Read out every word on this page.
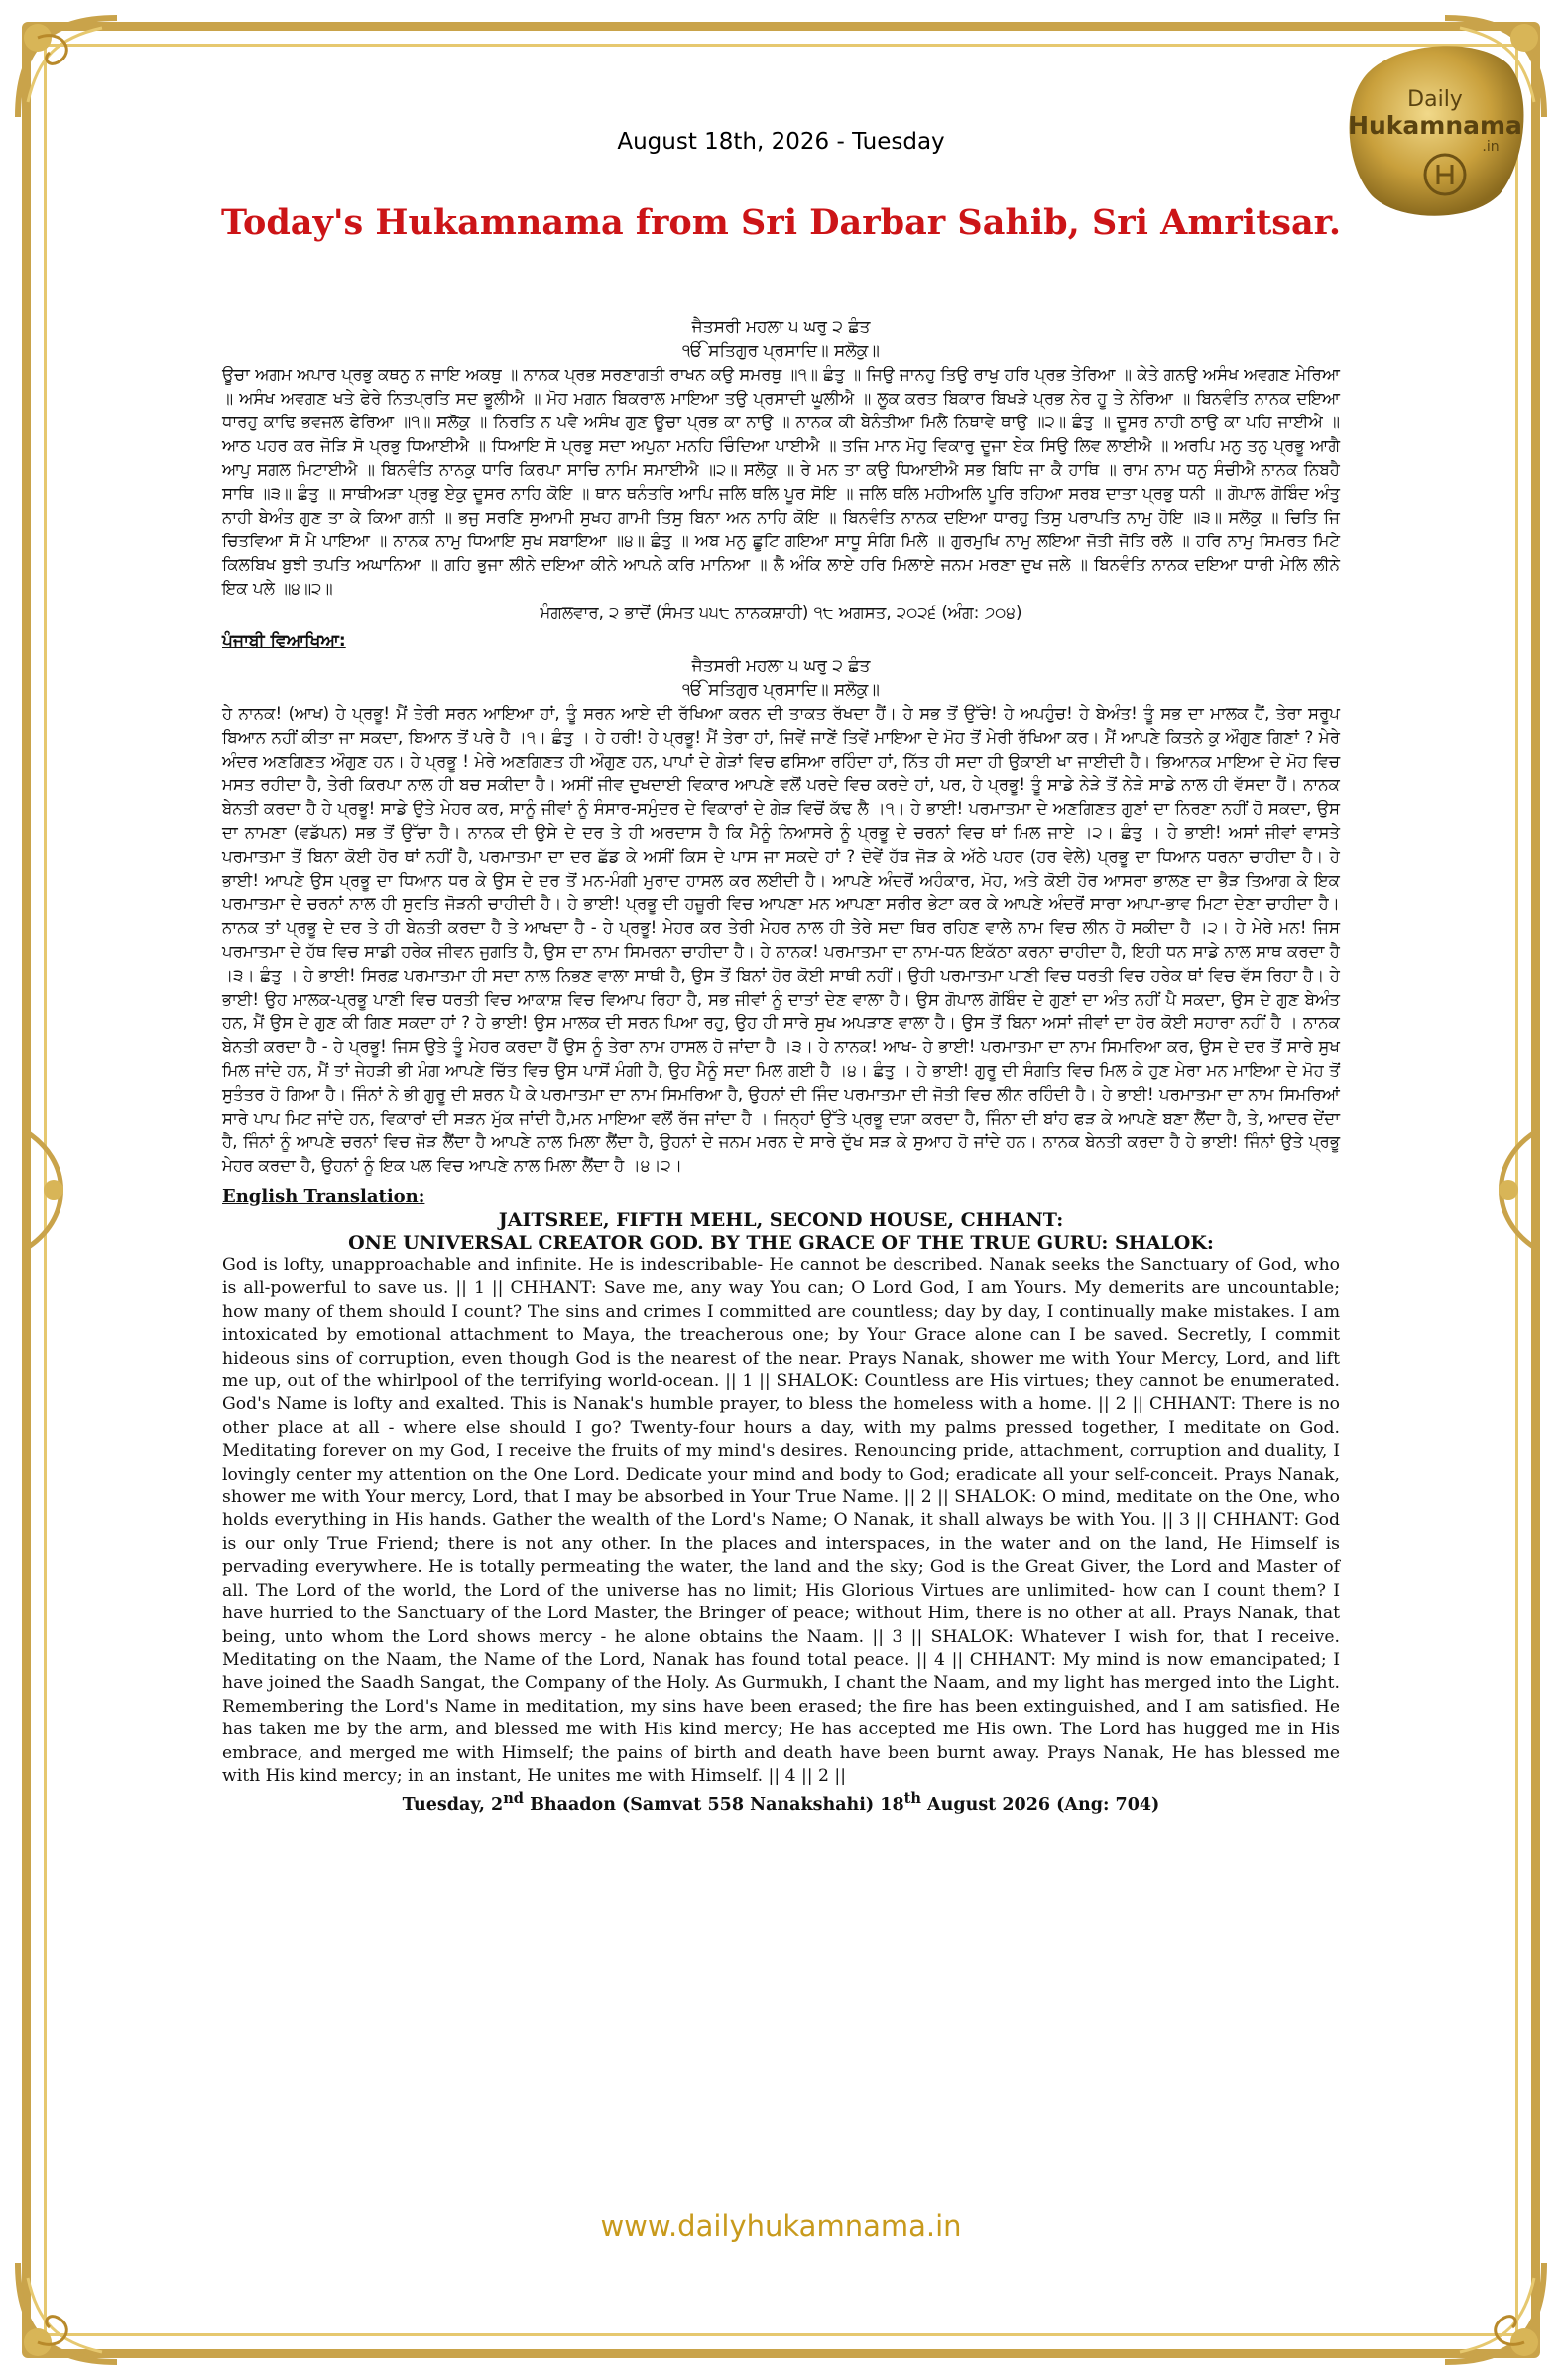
Daily
Hukamnama
.in
August 18th, 2026 - Tuesday
Today's Hukamnama from Sri Darbar Sahib, Sri Amritsar.

ਜੈਤਸਰੀ ਮਹਲਾ ੫ ਘਰੁ ੨ ਛੰਤ

ੴ ਸਤਿਗੁਰ ਪ੍ਰਸਾਦਿ॥ ਸਲੋਕੁ॥

ਊਚਾ ਅਗਮ ਅਪਾਰ ਪ੍ਰਭੁ ਕਥਨੁ ਨ ਜਾਇ ਅਕਥੁ ॥ ਨਾਨਕ ਪ੍ਰਭ ਸਰਣਾਗਤੀ ਰਾਖਨ ਕਉ ਸਮਰਥੁ ॥੧॥ ਛੰਤੁ ॥ ਜਿਉ ਜਾਨਹੁ ਤਿਉ ਰਾਖੁ ਹਰਿ ਪ੍ਰਭ ਤੇਰਿਆ ॥ ਕੇਤੇ ਗਨਉ ਅਸੰਖ ਅਵਗਣ ਮੇਰਿਆ ॥ ਅਸੰਖ ਅਵਗਣ ਖਤੇ ਫੇਰੇ ਨਿਤਪ੍ਰਤਿ ਸਦ ਭੂਲੀਐ ॥ ਮੋਹ ਮਗਨ ਬਿਕਰਾਲ ਮਾਇਆ ਤਉ ਪ੍ਰਸਾਦੀ ਘੂਲੀਐ ॥ ਲੂਕ ਕਰਤ ਬਿਕਾਰ ਬਿਖੜੇ ਪ੍ਰਭ ਨੇਰ ਹੂ ਤੇ ਨੇਰਿਆ ॥ ਬਿਨਵੰਤਿ ਨਾਨਕ ਦਇਆ ਧਾਰਹੁ ਕਾਢਿ ਭਵਜਲ ਫੇਰਿਆ ॥੧॥ ਸਲੋਕੁ ॥ ਨਿਰਤਿ ਨ ਪਵੈ ਅਸੰਖ ਗੁਣ ਊਚਾ ਪ੍ਰਭ ਕਾ ਨਾਉ ॥ ਨਾਨਕ ਕੀ ਬੇਨੰਤੀਆ ਮਿਲੈ ਨਿਥਾਵੇ ਥਾਉ ॥੨॥ ਛੰਤੁ ॥ ਦੂਸਰ ਨਾਹੀ ਠਾਉ ਕਾ ਪਹਿ ਜਾਈਐ ॥ ਆਠ ਪਹਰ ਕਰ ਜੋੜਿ ਸੋ ਪ੍ਰਭੁ ਧਿਆਈਐ ॥ ਧਿਆਇ ਸੋ ਪ੍ਰਭੁ ਸਦਾ ਅਪੁਨਾ ਮਨਹਿ ਚਿੰਦਿਆ ਪਾਈਐ ॥ ਤਜਿ ਮਾਨ ਮੋਹੁ ਵਿਕਾਰੁ ਦੂਜਾ ਏਕ ਸਿਉ ਲਿਵ ਲਾਈਐ ॥ ਅਰਪਿ ਮਨੁ ਤਨੁ ਪ੍ਰਭੂ ਆਗੈ ਆਪੁ ਸਗਲ ਮਿਟਾਈਐ ॥ ਬਿਨਵੰਤਿ ਨਾਨਕੁ ਧਾਰਿ ਕਿਰਪਾ ਸਾਚਿ ਨਾਮਿ ਸਮਾਈਐ ॥੨॥ ਸਲੋਕੁ ॥ ਰੇ ਮਨ ਤਾ ਕਉ ਧਿਆਈਐ ਸਭ ਬਿਧਿ ਜਾ ਕੈ ਹਾਥਿ ॥ ਰਾਮ ਨਾਮ ਧਨੁ ਸੰਚੀਐ ਨਾਨਕ ਨਿਬਹੈ ਸਾਥਿ ॥੩॥ ਛੰਤੁ ॥ ਸਾਥੀਅੜਾ ਪ੍ਰਭੁ ਏਕੁ ਦੂਸਰ ਨਾਹਿ ਕੋਇ ॥ ਥਾਨ ਥਨੰਤਰਿ ਆਪਿ ਜਲਿ ਥਲਿ ਪੂਰ ਸੋਇ ॥ ਜਲਿ ਥਲਿ ਮਹੀਅਲਿ ਪੂਰਿ ਰਹਿਆ ਸਰਬ ਦਾਤਾ ਪ੍ਰਭੁ ਧਨੀ ॥ ਗੋਪਾਲ ਗੋਬਿੰਦ ਅੰਤੁ ਨਾਹੀ ਬੇਅੰਤ ਗੁਣ ਤਾ ਕੇ ਕਿਆ ਗਨੀ ॥ ਭਜੁ ਸਰਣਿ ਸੁਆਮੀ ਸੁਖਹ ਗਾਮੀ ਤਿਸੁ ਬਿਨਾ ਅਨ ਨਾਹਿ ਕੋਇ ॥ ਬਿਨਵੰਤਿ ਨਾਨਕ ਦਇਆ ਧਾਰਹੁ ਤਿਸੁ ਪਰਾਪਤਿ ਨਾਮੁ ਹੋਇ ॥੩॥ ਸਲੋਕੁ ॥ ਚਿਤਿ ਜਿ ਚਿਤਵਿਆ ਸੋ ਮੈ ਪਾਇਆ ॥ ਨਾਨਕ ਨਾਮੁ ਧਿਆਇ ਸੁਖ ਸਬਾਇਆ ॥੪॥ ਛੰਤੁ ॥ ਅਬ ਮਨੁ ਛੂਟਿ ਗਇਆ ਸਾਧੂ ਸੰਗਿ ਮਿਲੇ ॥ ਗੁਰਮੁਖਿ ਨਾਮੁ ਲਇਆ ਜੋਤੀ ਜੋਤਿ ਰਲੇ ॥ ਹਰਿ ਨਾਮੁ ਸਿਮਰਤ ਮਿਟੇ ਕਿਲਬਿਖ ਬੁਝੀ ਤਪਤਿ ਅਘਾਨਿਆ ॥ ਗਹਿ ਭੁਜਾ ਲੀਨੇ ਦਇਆ ਕੀਨੇ ਆਪਨੇ ਕਰਿ ਮਾਨਿਆ ॥ ਲੈ ਅੰਕਿ ਲਾਏ ਹਰਿ ਮਿਲਾਏ ਜਨਮ ਮਰਣਾ ਦੁਖ ਜਲੇ ॥ ਬਿਨਵੰਤਿ ਨਾਨਕ ਦਇਆ ਧਾਰੀ ਮੇਲਿ ਲੀਨੇ ਇਕ ਪਲੇ ॥੪॥੨॥

ਮੰਗਲਵਾਰ, ੨ ਭਾਦੋਂ (ਸੰਮਤ ੫੫੮ ਨਾਨਕਸ਼ਾਹੀ) ੧੮ ਅਗਸਤ, ੨੦੨੬ (ਅੰਗ: ੭੦੪)

ਪੰਜਾਬੀ ਵਿਆਖਿਆ:

ਜੈਤਸਰੀ ਮਹਲਾ ੫ ਘਰੁ ੨ ਛੰਤ

ੴ ਸਤਿਗੁਰ ਪ੍ਰਸਾਦਿ॥ ਸਲੋਕੁ॥

ਹੇ ਨਾਨਕ! (ਆਖ) ਹੇ ਪ੍ਰਭੂ! ਮੈਂ ਤੇਰੀ ਸਰਨ ਆਇਆ ਹਾਂ, ਤੂੰ ਸਰਨ ਆਏ ਦੀ ਰੱਖਿਆ ਕਰਨ ਦੀ ਤਾਕਤ ਰੱਖਦਾ ਹੈਂ। ਹੇ ਸਭ ਤੋਂ ਉੱਚੇ! ਹੇ ਅਪਹੁੰਚ! ਹੇ ਬੇਅੰਤ! ਤੂੰ ਸਭ ਦਾ ਮਾਲਕ ਹੈਂ, ਤੇਰਾ ਸਰੂਪ ਬਿਆਨ ਨਹੀਂ ਕੀਤਾ ਜਾ ਸਕਦਾ, ਬਿਆਨ ਤੋਂ ਪਰੇ ਹੈ ।੧। ਛੰਤੁ । ਹੇ ਹਰੀ! ਹੇ ਪ੍ਰਭੂ! ਮੈਂ ਤੇਰਾ ਹਾਂ, ਜਿਵੇਂ ਜਾਣੇਂ ਤਿਵੇਂ ਮਾਇਆ ਦੇ ਮੋਹ ਤੋਂ ਮੇਰੀ ਰੱਖਿਆ ਕਰ। ਮੈਂ ਆਪਣੇ ਕਿਤਨੇ ਕੁ ਔਗੁਣ ਗਿਣਾਂ ? ਮੇਰੇ ਅੰਦਰ ਅਣਗਿਣਤ ਔਗੁਣ ਹਨ। ਹੇ ਪ੍ਰਭੂ ! ਮੇਰੇ ਅਣਗਿਣਤ ਹੀ ਔਗੁਣ ਹਨ, ਪਾਪਾਂ ਦੇ ਗੇੜਾਂ ਵਿਚ ਫਸਿਆ ਰਹਿੰਦਾ ਹਾਂ, ਨਿੱਤ ਹੀ ਸਦਾ ਹੀ ਉਕਾਈ ਖਾ ਜਾਈਦੀ ਹੈ। ਭਿਆਨਕ ਮਾਇਆ ਦੇ ਮੋਹ ਵਿਚ ਮਸਤ ਰਹੀਦਾ ਹੈ, ਤੇਰੀ ਕਿਰਪਾ ਨਾਲ ਹੀ ਬਚ ਸਕੀਦਾ ਹੈ। ਅਸੀਂ ਜੀਵ ਦੁਖਦਾਈ ਵਿਕਾਰ ਆਪਣੇ ਵਲੋਂ ਪਰਦੇ ਵਿਚ ਕਰਦੇ ਹਾਂ, ਪਰ, ਹੇ ਪ੍ਰਭੂ! ਤੂੰ ਸਾਡੇ ਨੇੜੇ ਤੋਂ ਨੇੜੇ ਸਾਡੇ ਨਾਲ ਹੀ ਵੱਸਦਾ ਹੈਂ। ਨਾਨਕ ਬੇਨਤੀ ਕਰਦਾ ਹੈ ਹੇ ਪ੍ਰਭੂ! ਸਾਡੇ ਉਤੇ ਮੇਹਰ ਕਰ, ਸਾਨੂੰ ਜੀਵਾਂ ਨੂੰ ਸੰਸਾਰ-ਸਮੁੰਦਰ ਦੇ ਵਿਕਾਰਾਂ ਦੇ ਗੇੜ ਵਿਚੋਂ ਕੱਢ ਲੈ ।੧। ਹੇ ਭਾਈ! ਪਰਮਾਤਮਾ ਦੇ ਅਣਗਿਣਤ ਗੁਣਾਂ ਦਾ ਨਿਰਣਾ ਨਹੀਂ ਹੋ ਸਕਦਾ, ਉਸ ਦਾ ਨਾਮਣਾ (ਵਡੱਪਨ) ਸਭ ਤੋਂ ਉੱਚਾ ਹੈ। ਨਾਨਕ ਦੀ ਉਸੇ ਦੇ ਦਰ ਤੇ ਹੀ ਅਰਦਾਸ ਹੈ ਕਿ ਮੈਨੂੰ ਨਿਆਸਰੇ ਨੂੰ ਪ੍ਰਭੂ ਦੇ ਚਰਨਾਂ ਵਿਚ ਥਾਂ ਮਿਲ ਜਾਏ ।੨। ਛੰਤੁ । ਹੇ ਭਾਈ! ਅਸਾਂ ਜੀਵਾਂ ਵਾਸਤੇ ਪਰਮਾਤਮਾ ਤੋਂ ਬਿਨਾ ਕੋਈ ਹੋਰ ਥਾਂ ਨਹੀਂ ਹੈ, ਪਰਮਾਤਮਾ ਦਾ ਦਰ ਛੱਡ ਕੇ ਅਸੀਂ ਕਿਸ ਦੇ ਪਾਸ ਜਾ ਸਕਦੇ ਹਾਂ ? ਦੋਵੇਂ ਹੱਥ ਜੋੜ ਕੇ ਅੱਠੇ ਪਹਰ (ਹਰ ਵੇਲੇ) ਪ੍ਰਭੂ ਦਾ ਧਿਆਨ ਧਰਨਾ ਚਾਹੀਦਾ ਹੈ। ਹੇ ਭਾਈ! ਆਪਣੇ ਉਸ ਪ੍ਰਭੂ ਦਾ ਧਿਆਨ ਧਰ ਕੇ ਉਸ ਦੇ ਦਰ ਤੋਂ ਮਨ-ਮੰਗੀ ਮੁਰਾਦ ਹਾਸਲ ਕਰ ਲਈਦੀ ਹੈ। ਆਪਣੇ ਅੰਦਰੋਂ ਅਹੰਕਾਰ, ਮੋਹ, ਅਤੇ ਕੋਈ ਹੋਰ ਆਸਰਾ ਭਾਲਣ ਦਾ ਭੈੜ ਤਿਆਗ ਕੇ ਇਕ ਪਰਮਾਤਮਾ ਦੇ ਚਰਨਾਂ ਨਾਲ ਹੀ ਸੁਰਤਿ ਜੋੜਨੀ ਚਾਹੀਦੀ ਹੈ। ਹੇ ਭਾਈ! ਪ੍ਰਭੂ ਦੀ ਹਜ਼ੂਰੀ ਵਿਚ ਆਪਣਾ ਮਨ ਆਪਣਾ ਸਰੀਰ ਭੇਟਾ ਕਰ ਕੇ ਆਪਣੇ ਅੰਦਰੋਂ ਸਾਰਾ ਆਪਾ-ਭਾਵ ਮਿਟਾ ਦੇਣਾ ਚਾਹੀਦਾ ਹੈ। ਨਾਨਕ ਤਾਂ ਪ੍ਰਭੂ ਦੇ ਦਰ ਤੇ ਹੀ ਬੇਨਤੀ ਕਰਦਾ ਹੈ ਤੇ ਆਖਦਾ ਹੈ - ਹੇ ਪ੍ਰਭੂ! ਮੇਹਰ ਕਰ ਤੇਰੀ ਮੇਹਰ ਨਾਲ ਹੀ ਤੇਰੇ ਸਦਾ ਥਿਰ ਰਹਿਣ ਵਾਲੇ ਨਾਮ ਵਿਚ ਲੀਨ ਹੋ ਸਕੀਦਾ ਹੈ ।੨। ਹੇ ਮੇਰੇ ਮਨ! ਜਿਸ ਪਰਮਾਤਮਾ ਦੇ ਹੱਥ ਵਿਚ ਸਾਡੀ ਹਰੇਕ ਜੀਵਨ ਜੁਗਤਿ ਹੈ, ਉਸ ਦਾ ਨਾਮ ਸਿਮਰਨਾ ਚਾਹੀਦਾ ਹੈ। ਹੇ ਨਾਨਕ! ਪਰਮਾਤਮਾ ਦਾ ਨਾਮ-ਧਨ ਇਕੱਠਾ ਕਰਨਾ ਚਾਹੀਦਾ ਹੈ, ਇਹੀ ਧਨ ਸਾਡੇ ਨਾਲ ਸਾਥ ਕਰਦਾ ਹੈ ।੩। ਛੰਤੁ । ਹੇ ਭਾਈ! ਸਿਰਫ਼ ਪਰਮਾਤਮਾ ਹੀ ਸਦਾ ਨਾਲ ਨਿਭਣ ਵਾਲਾ ਸਾਥੀ ਹੈ, ਉਸ ਤੋਂ ਬਿਨਾਂ ਹੋਰ ਕੋਈ ਸਾਥੀ ਨਹੀਂ। ਉਹੀ ਪਰਮਾਤਮਾ ਪਾਣੀ ਵਿਚ ਧਰਤੀ ਵਿਚ ਹਰੇਕ ਥਾਂ ਵਿਚ ਵੱਸ ਰਿਹਾ ਹੈ। ਹੇ ਭਾਈ! ਉਹ ਮਾਲਕ-ਪ੍ਰਭੂ ਪਾਣੀ ਵਿਚ ਧਰਤੀ ਵਿਚ ਆਕਾਸ਼ ਵਿਚ ਵਿਆਪ ਰਿਹਾ ਹੈ, ਸਭ ਜੀਵਾਂ ਨੂੰ ਦਾਤਾਂ ਦੇਣ ਵਾਲਾ ਹੈ। ਉਸ ਗੋਪਾਲ ਗੋਬਿੰਦ ਦੇ ਗੁਣਾਂ ਦਾ ਅੰਤ ਨਹੀਂ ਪੈ ਸਕਦਾ, ਉਸ ਦੇ ਗੁਣ ਬੇਅੰਤ ਹਨ, ਮੈਂ ਉਸ ਦੇ ਗੁਣ ਕੀ ਗਿਣ ਸਕਦਾ ਹਾਂ ? ਹੇ ਭਾਈ! ਉਸ ਮਾਲਕ ਦੀ ਸਰਨ ਪਿਆ ਰਹੁ, ਉਹ ਹੀ ਸਾਰੇ ਸੁਖ ਅਪੜਾਣ ਵਾਲਾ ਹੈ। ਉਸ ਤੋਂ ਬਿਨਾ ਅਸਾਂ ਜੀਵਾਂ ਦਾ ਹੋਰ ਕੋਈ ਸਹਾਰਾ ਨਹੀਂ ਹੈ । ਨਾਨਕ ਬੇਨਤੀ ਕਰਦਾ ਹੈ - ਹੇ ਪ੍ਰਭੂ! ਜਿਸ ਉਤੇ ਤੂੰ ਮੇਹਰ ਕਰਦਾ ਹੈਂ ਉਸ ਨੂੰ ਤੇਰਾ ਨਾਮ ਹਾਸਲ ਹੋ ਜਾਂਦਾ ਹੈ ।੩। ਹੇ ਨਾਨਕ! ਆਖ- ਹੇ ਭਾਈ! ਪਰਮਾਤਮਾ ਦਾ ਨਾਮ ਸਿਮਰਿਆ ਕਰ, ਉਸ ਦੇ ਦਰ ਤੋਂ ਸਾਰੇ ਸੁਖ ਮਿਲ ਜਾਂਦੇ ਹਨ, ਮੈਂ ਤਾਂ ਜੇਹੜੀ ਭੀ ਮੰਗ ਆਪਣੇ ਚਿੱਤ ਵਿਚ ਉਸ ਪਾਸੋਂ ਮੰਗੀ ਹੈ, ਉਹ ਮੈਨੂੰ ਸਦਾ ਮਿਲ ਗਈ ਹੈ ।੪। ਛੰਤੁ । ਹੇ ਭਾਈ! ਗੁਰੂ ਦੀ ਸੰਗਤਿ ਵਿਚ ਮਿਲ ਕੇ ਹੁਣ ਮੇਰਾ ਮਨ ਮਾਇਆ ਦੇ ਮੋਹ ਤੋਂ ਸੁਤੰਤਰ ਹੋ ਗਿਆ ਹੈ। ਜਿੰਨਾਂ ਨੇ ਭੀ ਗੁਰੂ ਦੀ ਸ਼ਰਨ ਪੈ ਕੇ ਪਰਮਾਤਮਾ ਦਾ ਨਾਮ ਸਿਮਰਿਆ ਹੈ, ਉਹਨਾਂ ਦੀ ਜਿੰਦ ਪਰਮਾਤਮਾ ਦੀ ਜੋਤੀ ਵਿਚ ਲੀਨ ਰਹਿੰਦੀ ਹੈ। ਹੇ ਭਾਈ! ਪਰਮਾਤਮਾ ਦਾ ਨਾਮ ਸਿਮਰਿਆਂ ਸਾਰੇ ਪਾਪ ਮਿਟ ਜਾਂਦੇ ਹਨ, ਵਿਕਾਰਾਂ ਦੀ ਸੜਨ ਮੁੱਕ ਜਾਂਦੀ ਹੈ,ਮਨ ਮਾਇਆ ਵਲੋਂ ਰੱਜ ਜਾਂਦਾ ਹੈ । ਜਿਨ੍ਹਾਂ ਉੱਤੇ ਪ੍ਰਭੂ ਦਯਾ ਕਰਦਾ ਹੈ, ਜਿੰਨਾ ਦੀ ਬਾਂਹ ਫੜ ਕੇ ਆਪਣੇ ਬਣਾ ਲੈਂਦਾ ਹੈ, ਤੇ, ਆਦਰ ਦੇਂਦਾ ਹੈ, ਜਿੰਨਾਂ ਨੂੰ ਆਪਣੇ ਚਰਨਾਂ ਵਿਚ ਜੋੜ ਲੈਂਦਾ ਹੈ ਆਪਣੇ ਨਾਲ ਮਿਲਾ ਲੈਂਦਾ ਹੈ, ਉਹਨਾਂ ਦੇ ਜਨਮ ਮਰਨ ਦੇ ਸਾਰੇ ਦੁੱਖ ਸੜ ਕੇ ਸੁਆਹ ਹੋ ਜਾਂਦੇ ਹਨ। ਨਾਨਕ ਬੇਨਤੀ ਕਰਦਾ ਹੈ ਹੇ ਭਾਈ! ਜਿੰਨਾਂ ਉਤੇ ਪ੍ਰਭੂ ਮੇਹਰ ਕਰਦਾ ਹੈ, ਉਹਨਾਂ ਨੂੰ ਇਕ ਪਲ ਵਿਚ ਆਪਣੇ ਨਾਲ ਮਿਲਾ ਲੈਂਦਾ ਹੈ ।੪।੨।

English Translation:

JAITSREE, FIFTH MEHL, SECOND HOUSE, CHHANT:

ONE UNIVERSAL CREATOR GOD. BY THE GRACE OF THE TRUE GURU: SHALOK:

God is lofty, unapproachable and infinite. He is indescribable- He cannot be described. Nanak seeks the Sanctuary of God, who is all-powerful to save us. || 1 || CHHANT: Save me, any way You can; O Lord God, I am Yours. My demerits are uncountable; how many of them should I count? The sins and crimes I committed are countless; day by day, I continually make mistakes. I am intoxicated by emotional attachment to Maya, the treacherous one; by Your Grace alone can I be saved. Secretly, I commit hideous sins of corruption, even though God is the nearest of the near. Prays Nanak, shower me with Your Mercy, Lord, and lift me up, out of the whirlpool of the terrifying world-ocean. || 1 || SHALOK: Countless are His virtues; they cannot be enumerated. God's Name is lofty and exalted. This is Nanak's humble prayer, to bless the homeless with a home. || 2 || CHHANT: There is no other place at all - where else should I go? Twenty-four hours a day, with my palms pressed together, I meditate on God. Meditating forever on my God, I receive the fruits of my mind's desires. Renouncing pride, attachment, corruption and duality, I lovingly center my attention on the One Lord. Dedicate your mind and body to God; eradicate all your self-conceit. Prays Nanak, shower me with Your mercy, Lord, that I may be absorbed in Your True Name. || 2 || SHALOK: O mind, meditate on the One, who holds everything in His hands. Gather the wealth of the Lord's Name; O Nanak, it shall always be with You. || 3 || CHHANT: God is our only True Friend; there is not any other. In the places and interspaces, in the water and on the land, He Himself is pervading everywhere. He is totally permeating the water, the land and the sky; God is the Great Giver, the Lord and Master of all. The Lord of the world, the Lord of the universe has no limit; His Glorious Virtues are unlimited- how can I count them? I have hurried to the Sanctuary of the Lord Master, the Bringer of peace; without Him, there is no other at all. Prays Nanak, that being, unto whom the Lord shows mercy - he alone obtains the Naam. || 3 || SHALOK: Whatever I wish for, that I receive. Meditating on the Naam, the Name of the Lord, Nanak has found total peace. || 4 || CHHANT: My mind is now emancipated; I have joined the Saadh Sangat, the Company of the Holy. As Gurmukh, I chant the Naam, and my light has merged into the Light. Remembering the Lord's Name in meditation, my sins have been erased; the fire has been extinguished, and I am satisfied. He has taken me by the arm, and blessed me with His kind mercy; He has accepted me His own. The Lord has hugged me in His embrace, and merged me with Himself; the pains of birth and death have been burnt away. Prays Nanak, He has blessed me with His kind mercy; in an instant, He unites me with Himself. || 4 || 2 ||

Tuesday, 2nd Bhaadon (Samvat 558 Nanakshahi) 18th August 2026 (Ang: 704)

www.dailyhukamnama.in
